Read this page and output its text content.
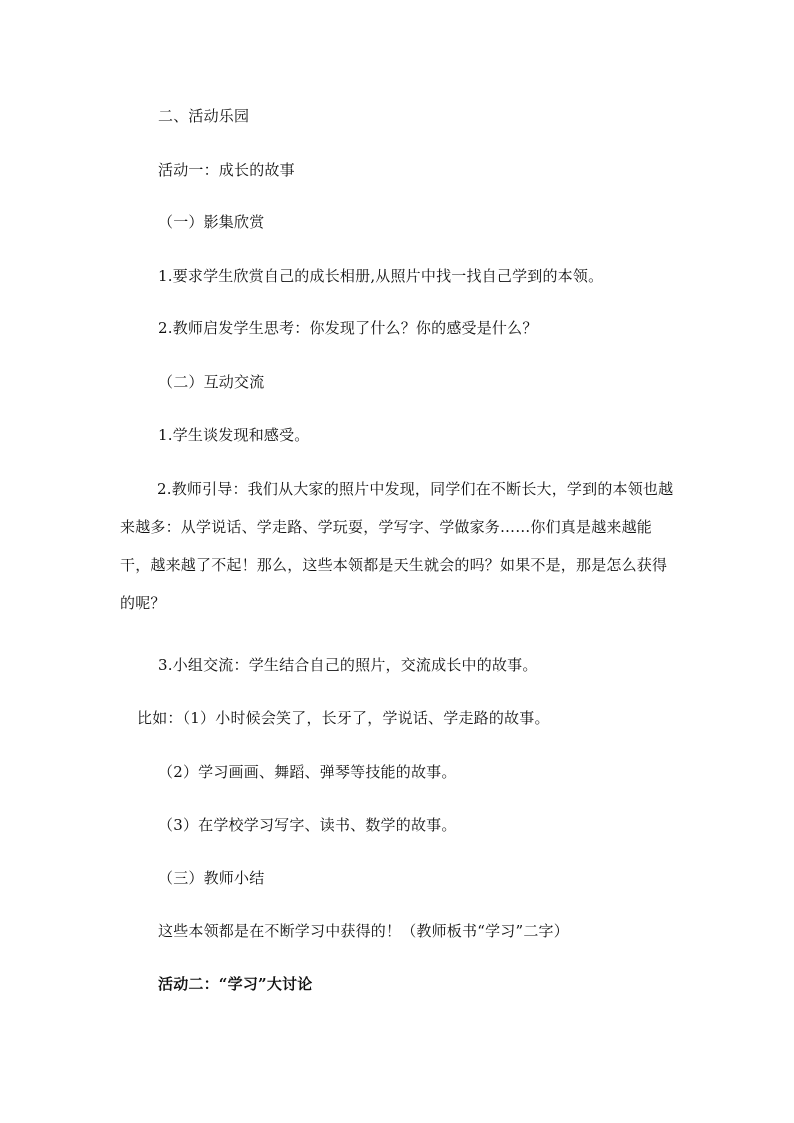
二、活动乐园
活动一：成长的故事
（一）影集欣赏
1.要求学生欣赏自己的成长相册,从照片中找一找自己学到的本领。
2.教师启发学生思考：你发现了什么？你的感受是什么？
（二）互动交流
1.学生谈发现和感受。
2.教师引导：我们从大家的照片中发现，同学们在不断长大，学到的本领也越来越多：从学说话、学走路、学玩耍，学写字、学做家务……你们真是越来越能干，越来越了不起！那么，这些本领都是天生就会的吗？如果不是，那是怎么获得的呢？
3.小组交流：学生结合自己的照片，交流成长中的故事。
比如：（1）小时候会笑了，长牙了，学说话、学走路的故事。
（2）学习画画、舞蹈、弹琴等技能的故事。
（3）在学校学习写字、读书、数学的故事。
（三）教师小结
这些本领都是在不断学习中获得的！（教师板书“学习”二字）
活动二：“学习”大讨论
